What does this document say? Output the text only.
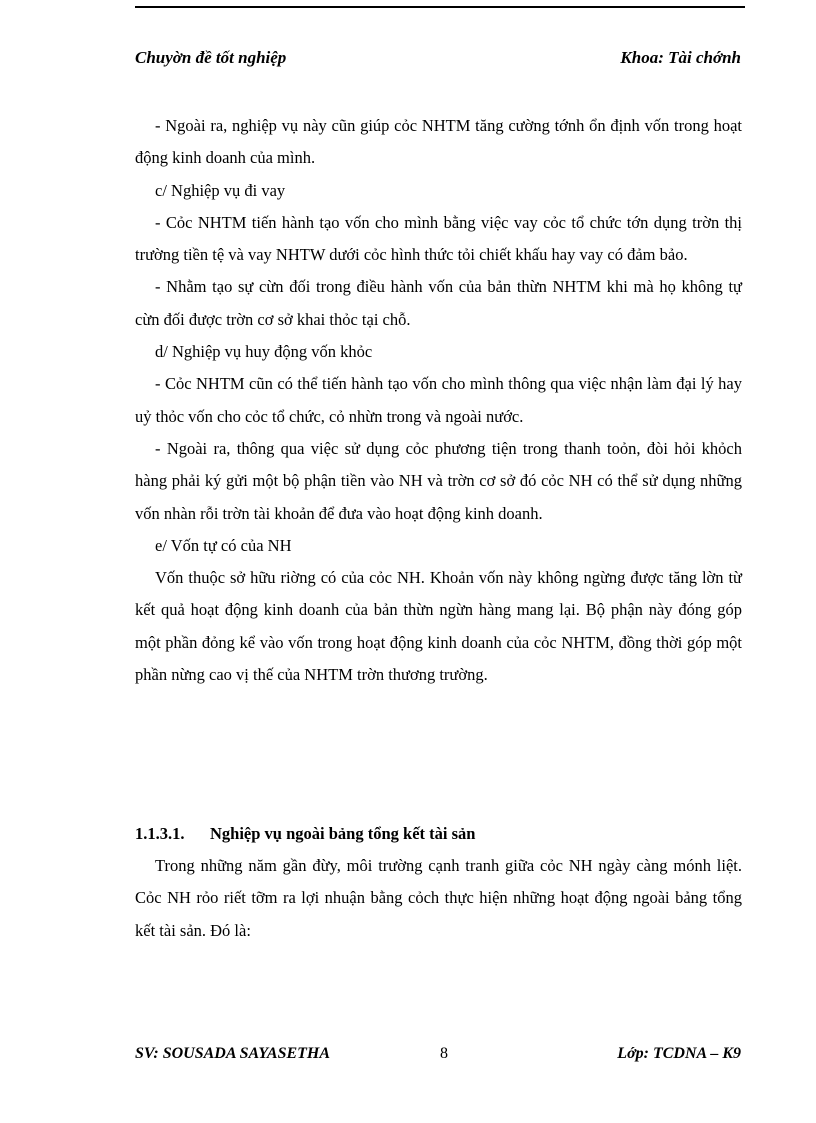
Chuyờn đề tốt nghiệp	Khoa: Tài chớnh

- Ngoài ra, nghiệp vụ này cũn giúp cỏc NHTM tăng cường tớnh ổn định vốn trong hoạt động kinh doanh của mình.

c/ Nghiệp vụ đi vay

- Cỏc NHTM tiến hành tạo vốn cho mình bằng việc vay cỏc tổ chức tớn dụng trờn thị trường tiền tệ và vay NHTW dưới cỏc hình thức tỏi chiết khấu hay vay có đảm bảo.

- Nhằm tạo sự cừn đối trong điều hành vốn của bản thừn NHTM khi mà họ không tự cừn đối được trờn cơ sở khai thỏc tại chỗ.

d/ Nghiệp vụ huy động vốn khỏc

- Cỏc NHTM cũn có thể tiến hành tạo vốn cho mình thông qua việc nhận làm đại lý hay uỷ thỏc vốn cho cỏc tổ chức, cỏ nhừn trong và ngoài nước.

- Ngoài ra, thông qua việc sử dụng cỏc phương tiện trong thanh toỏn, đòi hỏi khỏch hàng phải ký gửi một bộ phận tiền vào NH và trờn cơ sở đó cỏc NH có thể sử dụng những vốn nhàn rỗi trờn tài khoản để đưa vào hoạt động kinh doanh.

e/ Vốn tự có của NH

Vốn thuộc sở hữu riờng có của cỏc NH. Khoản vốn này không ngừng được tăng lờn từ kết quả hoạt động kinh doanh của bản thừn ngừn hàng mang lại. Bộ phận này đóng góp một phần đỏng kể vào vốn trong hoạt động kinh doanh của cỏc NHTM, đồng thời góp một phần nừng cao vị thế của NHTM trờn thương trường.

1.1.3.1. Nghiệp vụ ngoài bảng tổng kết tài sản

Trong những năm gần đừy, môi trường cạnh tranh giữa cỏc NH ngày càng mónh liệt. Cỏc NH rỏo riết tỡm ra lợi nhuận bằng cỏch thực hiện những hoạt động ngoài bảng tổng kết tài sản. Đó là:

SV: SOUSADA SAYASETHA	8	Lớp: TCDNA – K9
